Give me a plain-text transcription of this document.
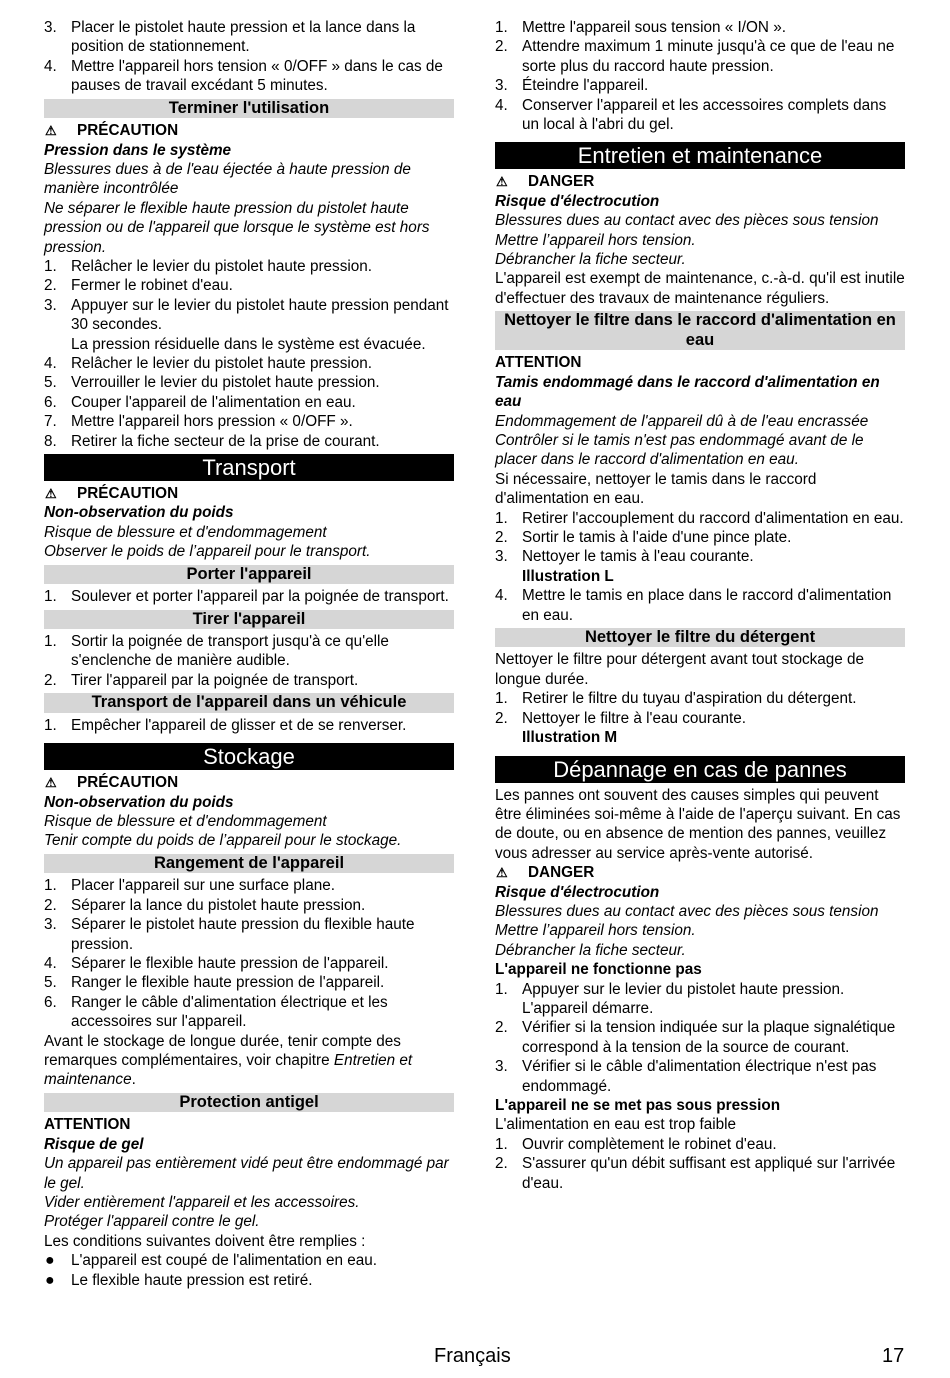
3. Placer le pistolet haute pression et la lance dans la position de stationnement.
4. Mettre l'appareil hors tension « 0/OFF » dans le cas de pauses de travail excédant 5 minutes.
Terminer l'utilisation
⚠ PRÉCAUTION

Pression dans le système

Blessures dues à de l'eau éjectée à haute pression de manière incontrôlée

Ne séparer le flexible haute pression du pistolet haute pression ou de l'appareil que lorsque le système est hors pression.

1. Relâcher le levier du pistolet haute pression.
2. Fermer le robinet d'eau.
3. Appuyer sur le levier du pistolet haute pression pendant 30 secondes.
La pression résiduelle dans le système est évacuée.
4. Relâcher le levier du pistolet haute pression.
5. Verrouiller le levier du pistolet haute pression.
6. Couper l'appareil de l'alimentation en eau.
7. Mettre l'appareil hors pression « 0/OFF ».
8. Retirer la fiche secteur de la prise de courant.
Transport
⚠ PRÉCAUTION

Non-observation du poids

Risque de blessure et d'endommagement

Observer le poids de l’appareil pour le transport.

Porter l'appareil
1. Soulever et porter l'appareil par la poignée de transport.
Tirer l'appareil
1. Sortir la poignée de transport jusqu'à ce qu'elle s'enclenche de manière audible.
2. Tirer l'appareil par la poignée de transport.
Transport de l'appareil dans un véhicule
1. Empêcher l'appareil de glisser et de se renverser.
Stockage
⚠ PRÉCAUTION

Non-observation du poids

Risque de blessure et d'endommagement

Tenir compte du poids de l’appareil pour le stockage.

Rangement de l'appareil
1. Placer l'appareil sur une surface plane.
2. Séparer la lance du pistolet haute pression.
3. Séparer le pistolet haute pression du flexible haute pression.
4. Séparer le flexible haute pression de l'appareil.
5. Ranger le flexible haute pression de l'appareil.
6. Ranger le câble d'alimentation électrique et les accessoires sur l'appareil.

Avant le stockage de longue durée, tenir compte des remarques complémentaires, voir chapitre Entretien et maintenance.

Protection antigel

ATTENTION

Risque de gel

Un appareil pas entièrement vidé peut être endommagé par le gel.

Vider entièrement l'appareil et les accessoires.

Protéger l'appareil contre le gel.

Les conditions suivantes doivent être remplies :

● L'appareil est coupé de l'alimentation en eau.
● Le flexible haute pression est retiré.
1. Mettre l'appareil sous tension « I/ON ».
2. Attendre maximum 1 minute jusqu'à ce que de l'eau ne sorte plus du raccord haute pression.
3. Éteindre l'appareil.
4. Conserver l'appareil et les accessoires complets dans un local à l'abri du gel.
Entretien et maintenance
⚠ DANGER

Risque d'électrocution

Blessures dues au contact avec des pièces sous tension

Mettre l’appareil hors tension.

Débrancher la fiche secteur.

L'appareil est exempt de maintenance, c.-à-d. qu'il est inutile d'effectuer des travaux de maintenance réguliers.

Nettoyer le filtre dans le raccord d'alimentation en eau

ATTENTION

Tamis endommagé dans le raccord d'alimentation en eau

Endommagement de l'appareil dû à de l'eau encrassée

Contrôler si le tamis n'est pas endommagé avant de le placer dans le raccord d'alimentation en eau.

Si nécessaire, nettoyer le tamis dans le raccord d'alimentation en eau.

1. Retirer l'accouplement du raccord d'alimentation en eau.
2. Sortir le tamis à l'aide d'une pince plate.
3. Nettoyer le tamis à l'eau courante.
Illustration L
4. Mettre le tamis en place dans le raccord d'alimentation en eau.
Nettoyer le filtre du détergent

Nettoyer le filtre pour détergent avant tout stockage de longue durée.

1. Retirer le filtre du tuyau d'aspiration du détergent.
2. Nettoyer le filtre à l'eau courante.
Illustration M
Dépannage en cas de pannes

Les pannes ont souvent des causes simples qui peuvent être éliminées soi-même à l'aide de l'aperçu suivant. En cas de doute, ou en absence de mention des pannes, veuillez vous adresser au service après-vente autorisé.

⚠ DANGER

Risque d'électrocution

Blessures dues au contact avec des pièces sous tension

Mettre l’appareil hors tension.

Débrancher la fiche secteur.

L'appareil ne fonctionne pas

1. Appuyer sur le levier du pistolet haute pression.
L'appareil démarre.
2. Vérifier si la tension indiquée sur la plaque signalétique correspond à la tension de la source de courant.
3. Vérifier si le câble d'alimentation électrique n'est pas endommagé.

L'appareil ne se met pas sous pression

L'alimentation en eau est trop faible

1. Ouvrir complètement le robinet d'eau.
2. S'assurer qu'un débit suffisant est appliqué sur l'arrivée d'eau.
Français	17
